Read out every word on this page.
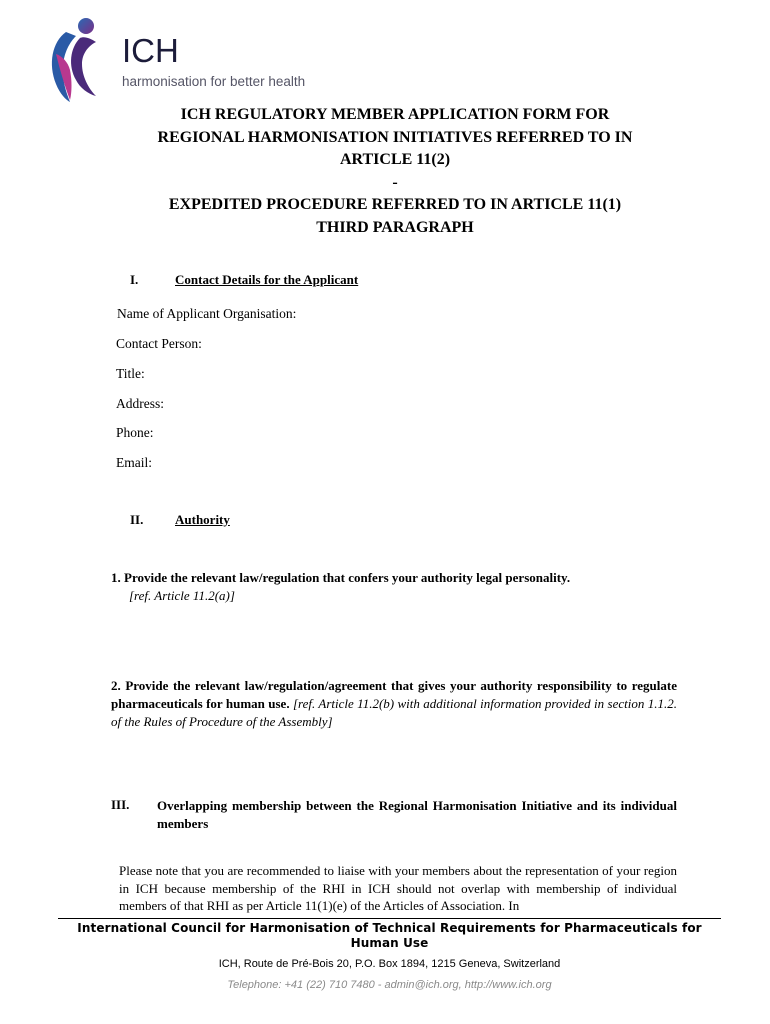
ICH
harmonisation for better health
ICH REGULATORY MEMBER APPLICATION FORM FOR
REGIONAL HARMONISATION INITIATIVES REFERRED TO IN
ARTICLE 11(2)
-
EXPEDITED PROCEDURE REFERRED TO IN ARTICLE 11(1)
THIRD PARAGRAPH
I.	Contact Details for the Applicant
Name of Applicant Organisation:
Contact Person:
Title:
Address:
Phone:
Email:
II. Authority
1. Provide the relevant law/regulation that confers your authority legal personality.
[ref. Article 11.2(a)]
2. Provide the relevant law/regulation/agreement that gives your authority responsibility to regulate pharmaceuticals for human use. [ref. Article 11.2(b) with additional information provided in section 1.1.2. of the Rules of Procedure of the Assembly]
III. Overlapping membership between the Regional Harmonisation Initiative and its individual members
Please note that you are recommended to liaise with your members about the representation of your region in ICH because membership of the RHI in ICH should not overlap with membership of individual members of that RHI as per Article 11(1)(e) of the Articles of Association. In
International Council for Harmonisation of Technical Requirements for Pharmaceuticals for Human Use
ICH, Route de Pré-Bois 20, P.O. Box 1894, 1215 Geneva, Switzerland
Telephone: +41 (22) 710 7480 - admin@ich.org, http://www.ich.org
